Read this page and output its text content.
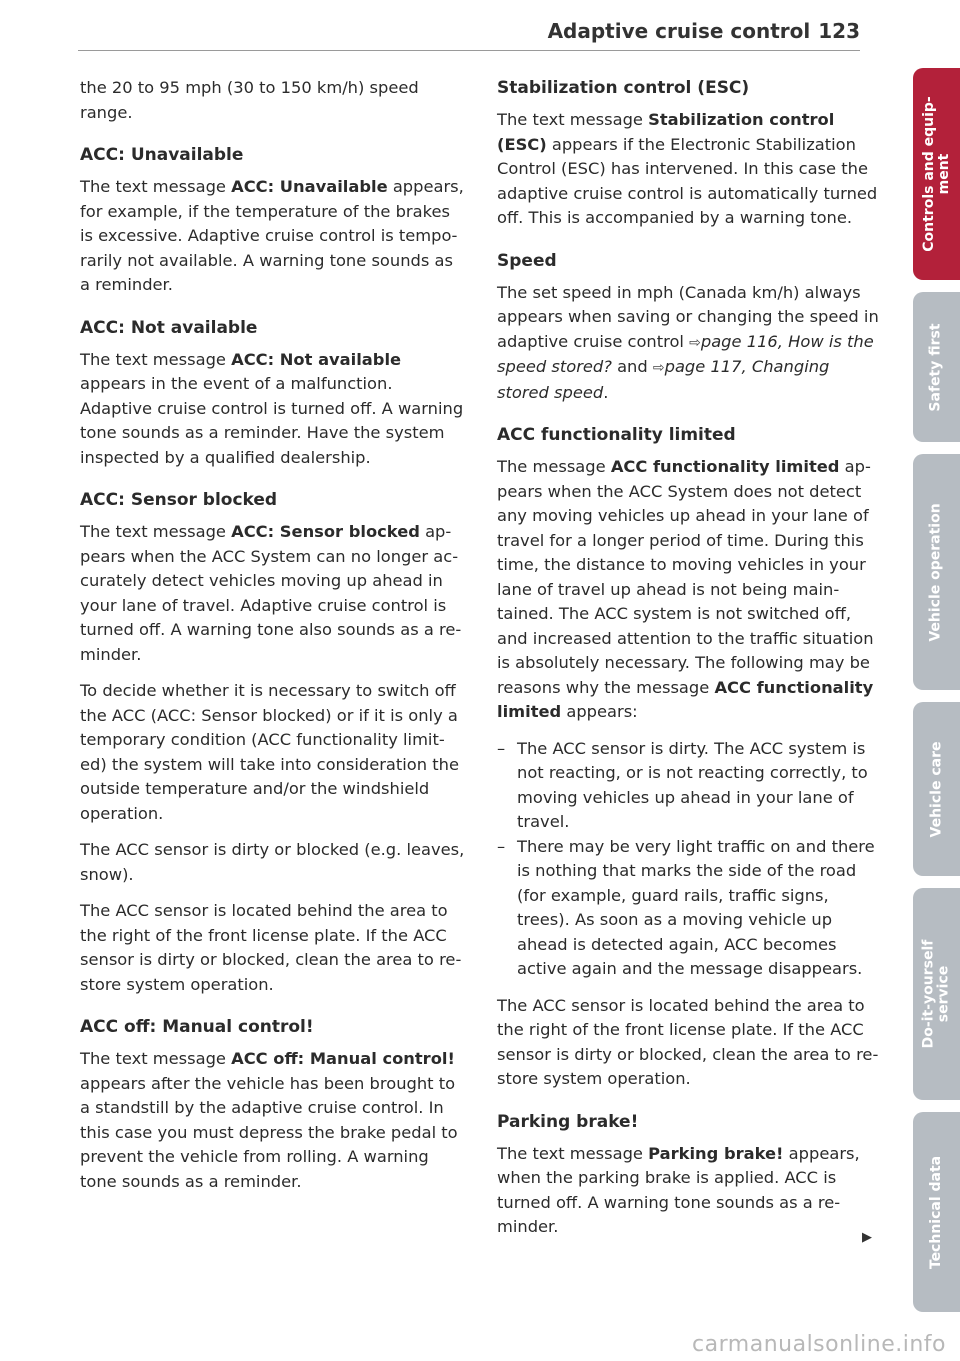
Adaptive cruise control 123

the 20 to 95 mph (30 to 150 km/h) speed range.

ACC: Unavailable

The text message ACC: Unavailable appears, for example, if the temperature of the brakes is excessive. Adaptive cruise control is temporarily not available. A warning tone sounds as a reminder.

ACC: Not available

The text message ACC: Not available appears in the event of a malfunction. Adaptive cruise control is turned off. A warning tone sounds as a reminder. Have the system inspected by a qualified dealership.

ACC: Sensor blocked

The text message ACC: Sensor blocked appears when the ACC System can no longer accurately detect vehicles moving up ahead in your lane of travel. Adaptive cruise control is turned off. A warning tone also sounds as a reminder.

To decide whether it is necessary to switch off the ACC (ACC: Sensor blocked) or if it is only a temporary condition (ACC functionality limited) the system will take into consideration the outside temperature and/or the windshield operation.

The ACC sensor is dirty or blocked (e.g. leaves, snow).

The ACC sensor is located behind the area to the right of the front license plate. If the ACC sensor is dirty or blocked, clean the area to restore system operation.

ACC off: Manual control!

The text message ACC off: Manual control! appears after the vehicle has been brought to a standstill by the adaptive cruise control. In this case you must depress the brake pedal to prevent the vehicle from rolling. A warning tone sounds as a reminder.

Stabilization control (ESC)

The text message Stabilization control (ESC) appears if the Electronic Stabilization Control (ESC) has intervened. In this case the adaptive cruise control is automatically turned off. This is accompanied by a warning tone.

Speed

The set speed in mph (Canada km/h) always appears when saving or changing the speed in adaptive cruise control ⇨page 116, How is the speed stored? and ⇨page 117, Changing stored speed.

ACC functionality limited

The message ACC functionality limited appears when the ACC System does not detect any moving vehicles up ahead in your lane of travel for a longer period of time. During this time, the distance to moving vehicles in your lane of travel up ahead is not being maintained. The ACC system is not switched off, and increased attention to the traffic situation is absolutely necessary. The following may be reasons why the message ACC functionality limited appears:

– The ACC sensor is dirty. The ACC system is not reacting, or is not reacting correctly, to moving vehicles up ahead in your lane of travel.
– There may be very light traffic on and there is nothing that marks the side of the road (for example, guard rails, traffic signs, trees). As soon as a moving vehicle up ahead is detected again, ACC becomes active again and the message disappears.

The ACC sensor is located behind the area to the right of the front license plate. If the ACC sensor is dirty or blocked, clean the area to restore system operation.

Parking brake!

The text message Parking brake! appears, when the parking brake is applied. ACC is turned off. A warning tone sounds as a reminder.

▶
Controls and equip-
ment
Safety first
Vehicle operation
Vehicle care
Do-it-yourself
service
Technical data
carmanualsonline.info
